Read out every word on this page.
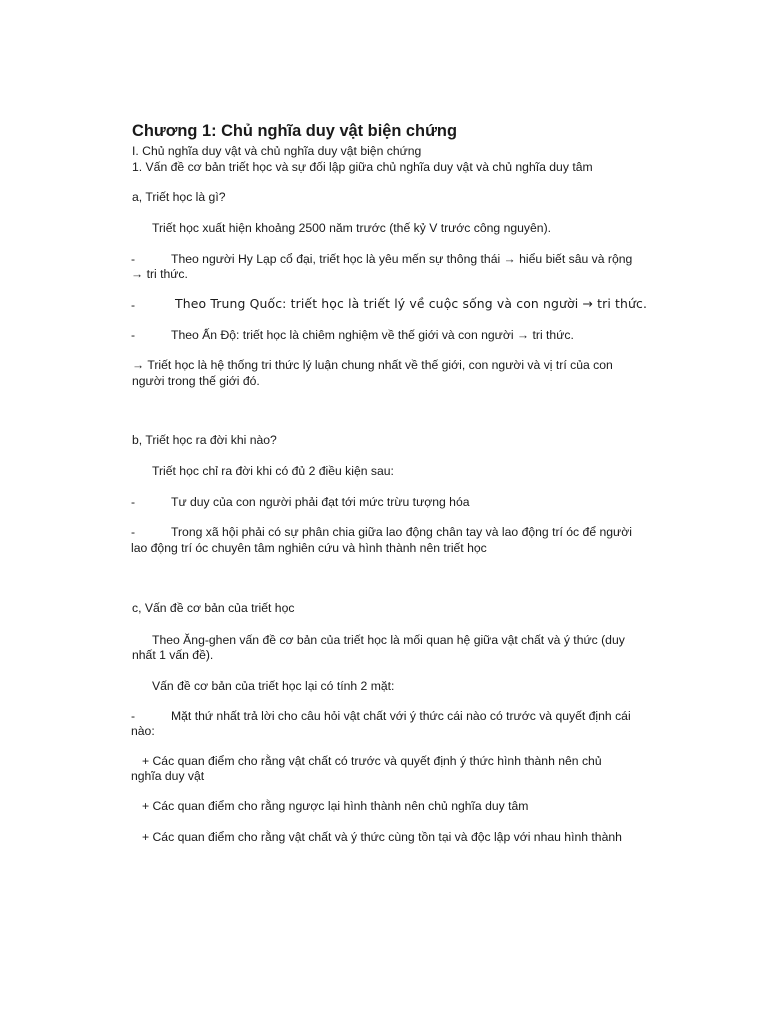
Chương 1: Chủ nghĩa duy vật biện chứng
I. Chủ nghĩa duy vật và chủ nghĩa duy vật biện chứng
1. Vấn đề cơ bản triết học và sự đối lập giữa chủ nghĩa duy vật và chủ nghĩa duy tâm
a, Triết học là gì?
Triết học xuất hiện khoảng 2500 năm trước (thế kỷ V trước công nguyên).
-	Theo người Hy Lạp cổ đại, triết học là yêu mến sự thông thái → hiểu biết sâu và rộng
→ tri thức.
-	Theo Trung Quốc: triết học là triết lý về cuộc sống và con người → tri thức.
-	Theo Ấn Độ: triết học là chiêm nghiệm về thế giới và con người → tri thức.
→ Triết học là hệ thống tri thức lý luận chung nhất về thế giới, con người và vị trí của con
người trong thế giới đó.
b, Triết học ra đời khi nào?
Triết học chỉ ra đời khi có đủ 2 điều kiện sau:
-	Tư duy của con người phải đạt tới mức trừu tượng hóa
-	Trong xã hội phải có sự phân chia giữa lao động chân tay và lao động trí óc để người
lao động trí óc chuyên tâm nghiên cứu và hình thành nên triết học
c, Vấn đề cơ bản của triết học
Theo Ăng-ghen vấn đề cơ bản của triết học là mối quan hệ giữa vật chất và ý thức (duy
nhất 1 vấn đề).
Vấn đề cơ bản của triết học lại có tính 2 mặt:
-	Mặt thứ nhất trả lời cho câu hỏi vật chất với ý thức cái nào có trước và quyết định cái
nào:
+ Các quan điểm cho rằng vật chất có trước và quyết định ý thức hình thành nên chủ
nghĩa duy vật
+ Các quan điểm cho rằng ngược lại hình thành nên chủ nghĩa duy tâm
+ Các quan điểm cho rằng vật chất và ý thức cùng tồn tại và độc lập với nhau hình thành
